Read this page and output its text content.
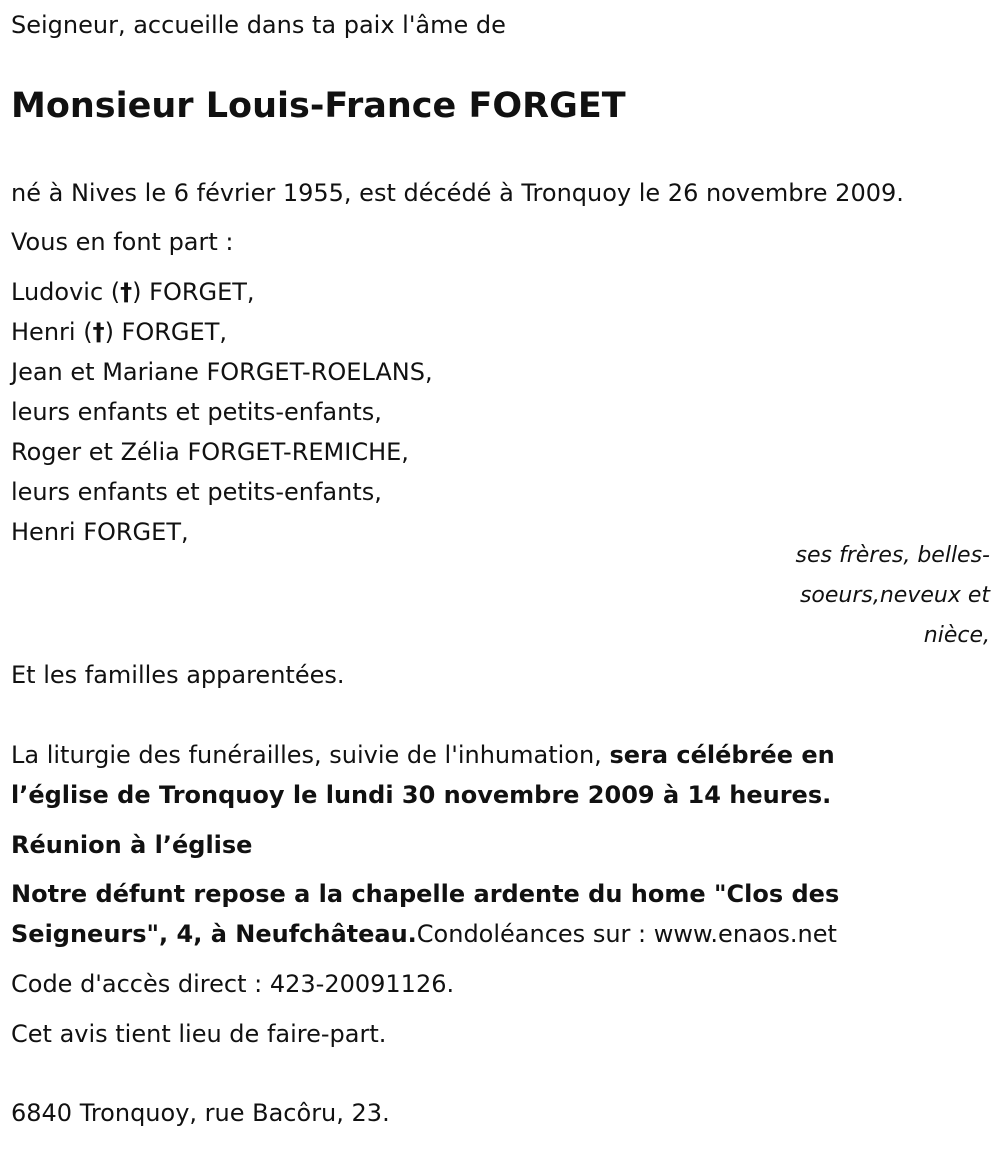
Seigneur, accueille dans ta paix l'âme de

Monsieur Louis-France FORGET

né à Nives le 6 février 1955, est décédé à Tronquoy le 26 novembre 2009.

Vous en font part :

Ludovic (†) FORGET,

Henri (†) FORGET,

Jean et Mariane FORGET-ROELANS,

leurs enfants et petits-enfants,

Roger et Zélia FORGET-REMICHE,

leurs enfants et petits-enfants,

Henri FORGET,

ses frères, belles-

soeurs,neveux et

nièce,

Et les familles apparentées.

La liturgie des funérailles, suivie de l'inhumation, sera célébrée en

l’église de Tronquoy le lundi 30 novembre 2009 à 14 heures.

Réunion à l’église

Notre défunt repose a la chapelle ardente du home "Clos des

Seigneurs", 4, à Neufchâteau.Condoléances sur : www.enaos.net

Code d'accès direct : 423-20091126.

Cet avis tient lieu de faire-part.

6840 Tronquoy, rue Bacôru, 23.
